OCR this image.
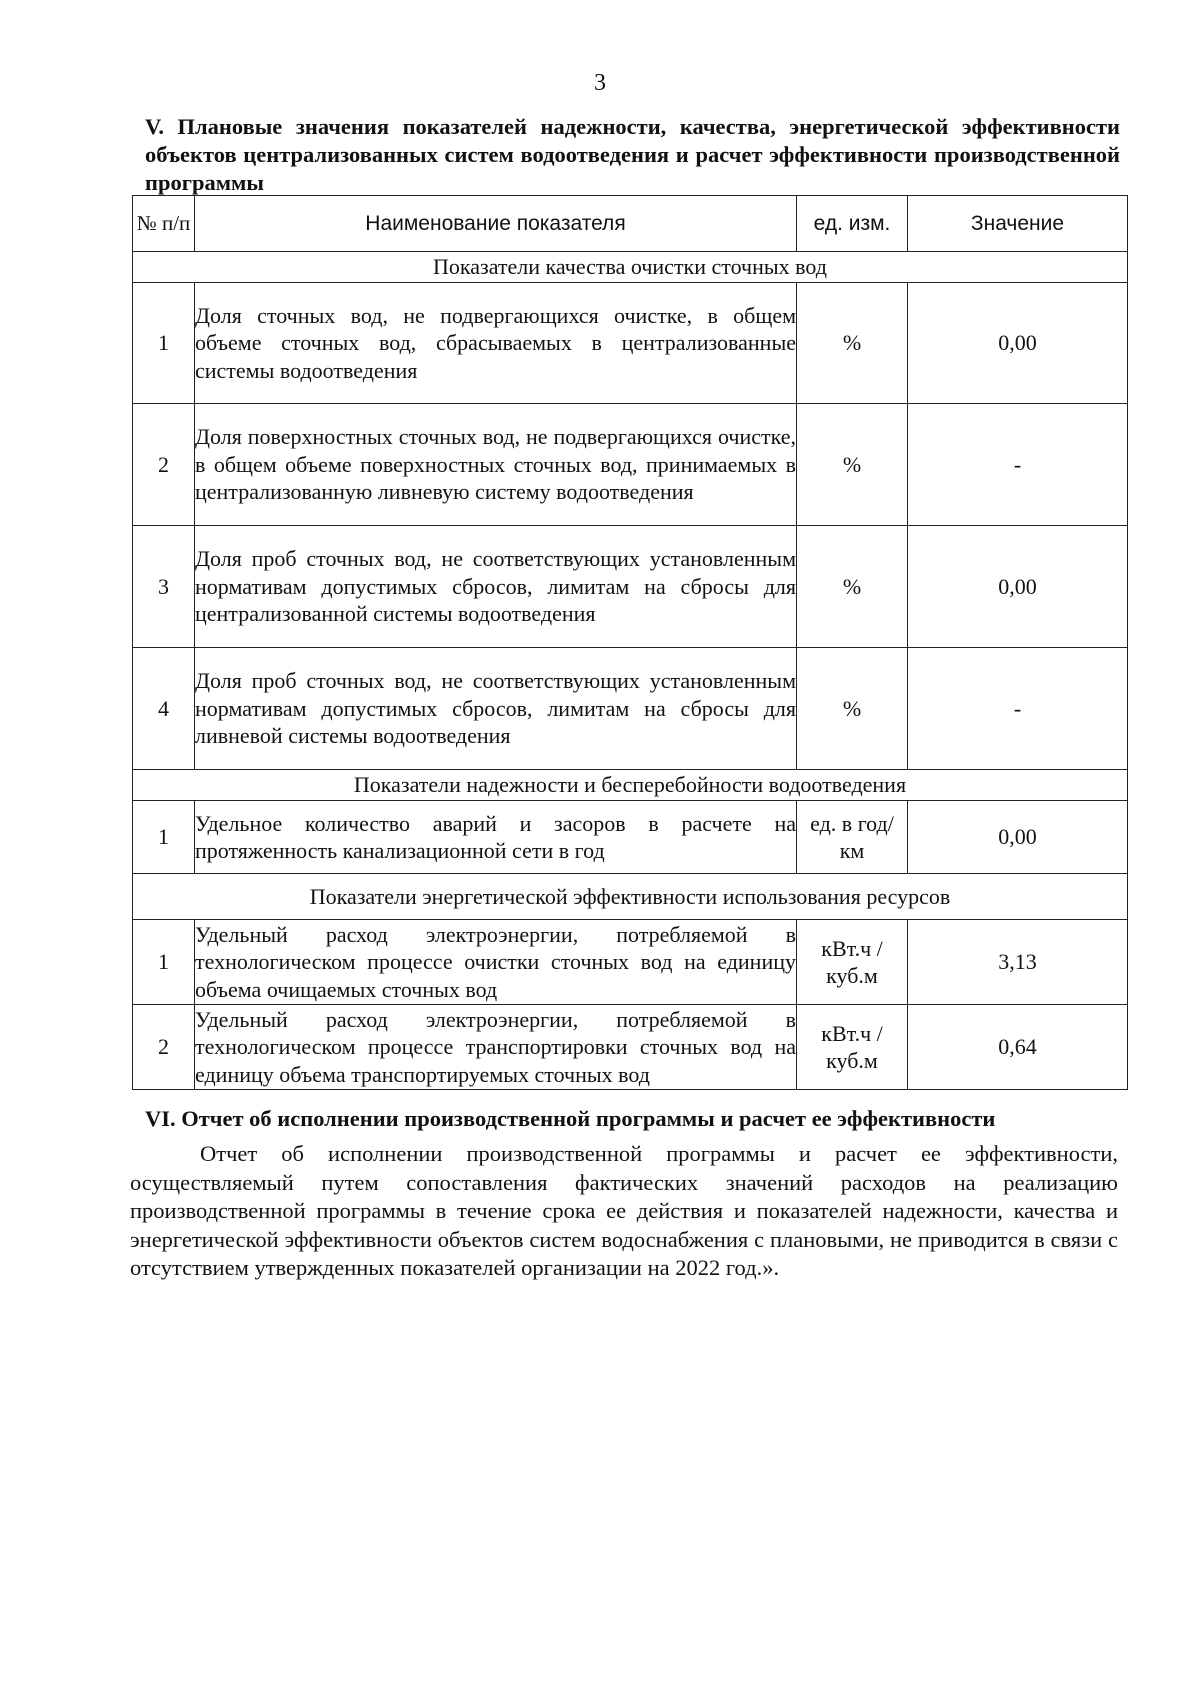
3

V. Плановые значения показателей надежности, качества, энергетической эффективности объектов централизованных систем водоотведения и расчет эффективности производственной программы

№ п/п	Наименование показателя	ед. изм.	Значение
Показатели качества очистки сточных вод			
1	Доля сточных вод, не подвергающихся очистке, в общем объеме сточных вод, сбрасываемых в централизованные системы водоотведения	%	0,00
2	Доля поверхностных сточных вод, не подвергающихся очистке, в общем объеме поверхностных сточных вод, принимаемых в централизованную ливневую систему водоотведения	%	-
3	Доля проб сточных вод, не соответствующих установленным нормативам допустимых сбросов, лимитам на сбросы для централизованной системы водоотведения	%	0,00
4	Доля проб сточных вод, не соответствующих установленным нормативам допустимых сбросов, лимитам на сбросы для ливневой системы водоотведения	%	-
Показатели надежности и бесперебойности водоотведения			
1	Удельное количество аварий и засоров в расчете на протяженность канализационной сети в год	ед. в год/ км	0,00
Показатели энергетической эффективности использования ресурсов			
1	Удельный расход электроэнергии, потребляемой в технологическом процессе очистки сточных вод на единицу объема очищаемых сточных вод	кВт.ч / куб.м	3,13
2	Удельный расход электроэнергии, потребляемой в технологическом процессе транспортировки сточных вод на единицу объема транспортируемых сточных вод	кВт.ч / куб.м	0,64

VI. Отчет об исполнении производственной программы и расчет ее эффективности

Отчет об исполнении производственной программы и расчет ее эффективности, осуществляемый путем сопоставления фактических значений расходов на реализацию производственной программы в течение срока ее действия и показателей надежности, качества и энергетической эффективности объектов систем водоснабжения с плановыми, не приводится в связи с отсутствием утвержденных показателей организации на 2022 год.».
